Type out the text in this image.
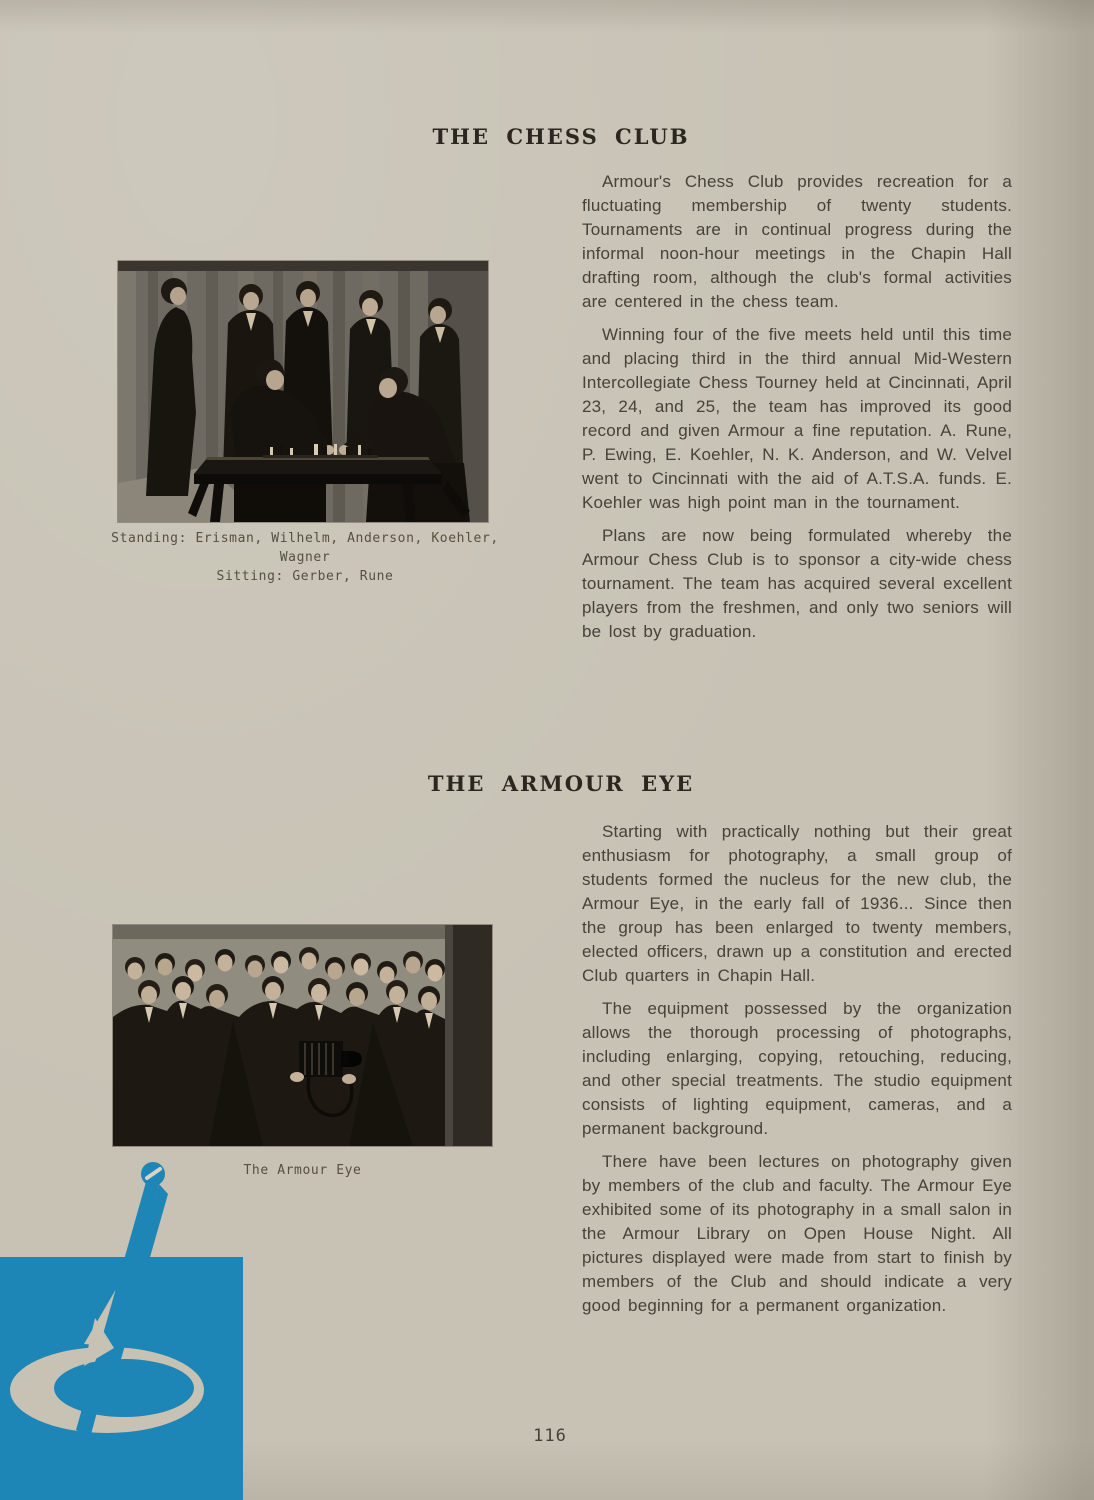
THE CHESS CLUB
Standing: Erisman, Wilhelm, Anderson, Koehler, Wagner
Sitting: Gerber, Rune

Armour's Chess Club provides recreation for a fluctuating membership of twenty students. Tournaments are in continual progress during the informal noon-hour meetings in the Chapin Hall drafting room, although the club's formal activities are centered in the chess team.

Winning four of the five meets held until this time and placing third in the third annual Mid-Western Intercollegiate Chess Tourney held at Cincinnati, April 23, 24, and 25, the team has improved its good record and given Armour a fine reputation. A. Rune, P. Ewing, E. Koehler, N. K. Anderson, and W. Velvel went to Cincinnati with the aid of A.T.S.A. funds. E. Koehler was high point man in the tournament.

Plans are now being formulated whereby the Armour Chess Club is to sponsor a city-wide chess tournament. The team has acquired several excellent players from the freshmen, and only two seniors will be lost by graduation.

THE ARMOUR EYE
The Armour Eye

Starting with practically nothing but their great enthusiasm for photography, a small group of students formed the nucleus for the new club, the Armour Eye, in the early fall of 1936... Since then the group has been enlarged to twenty members, elected officers, drawn up a constitution and erected Club quarters in Chapin Hall.

The equipment possessed by the organization allows the thorough processing of photographs, including enlarging, copying, retouching, reducing, and other special treatments. The studio equipment consists of lighting equipment, cameras, and a permanent background.

There have been lectures on photography given by members of the club and faculty. The Armour Eye exhibited some of its photography in a small salon in the Armour Library on Open House Night. All pictures displayed were made from start to finish by members of the Club and should indicate a very good beginning for a permanent organization.

116
